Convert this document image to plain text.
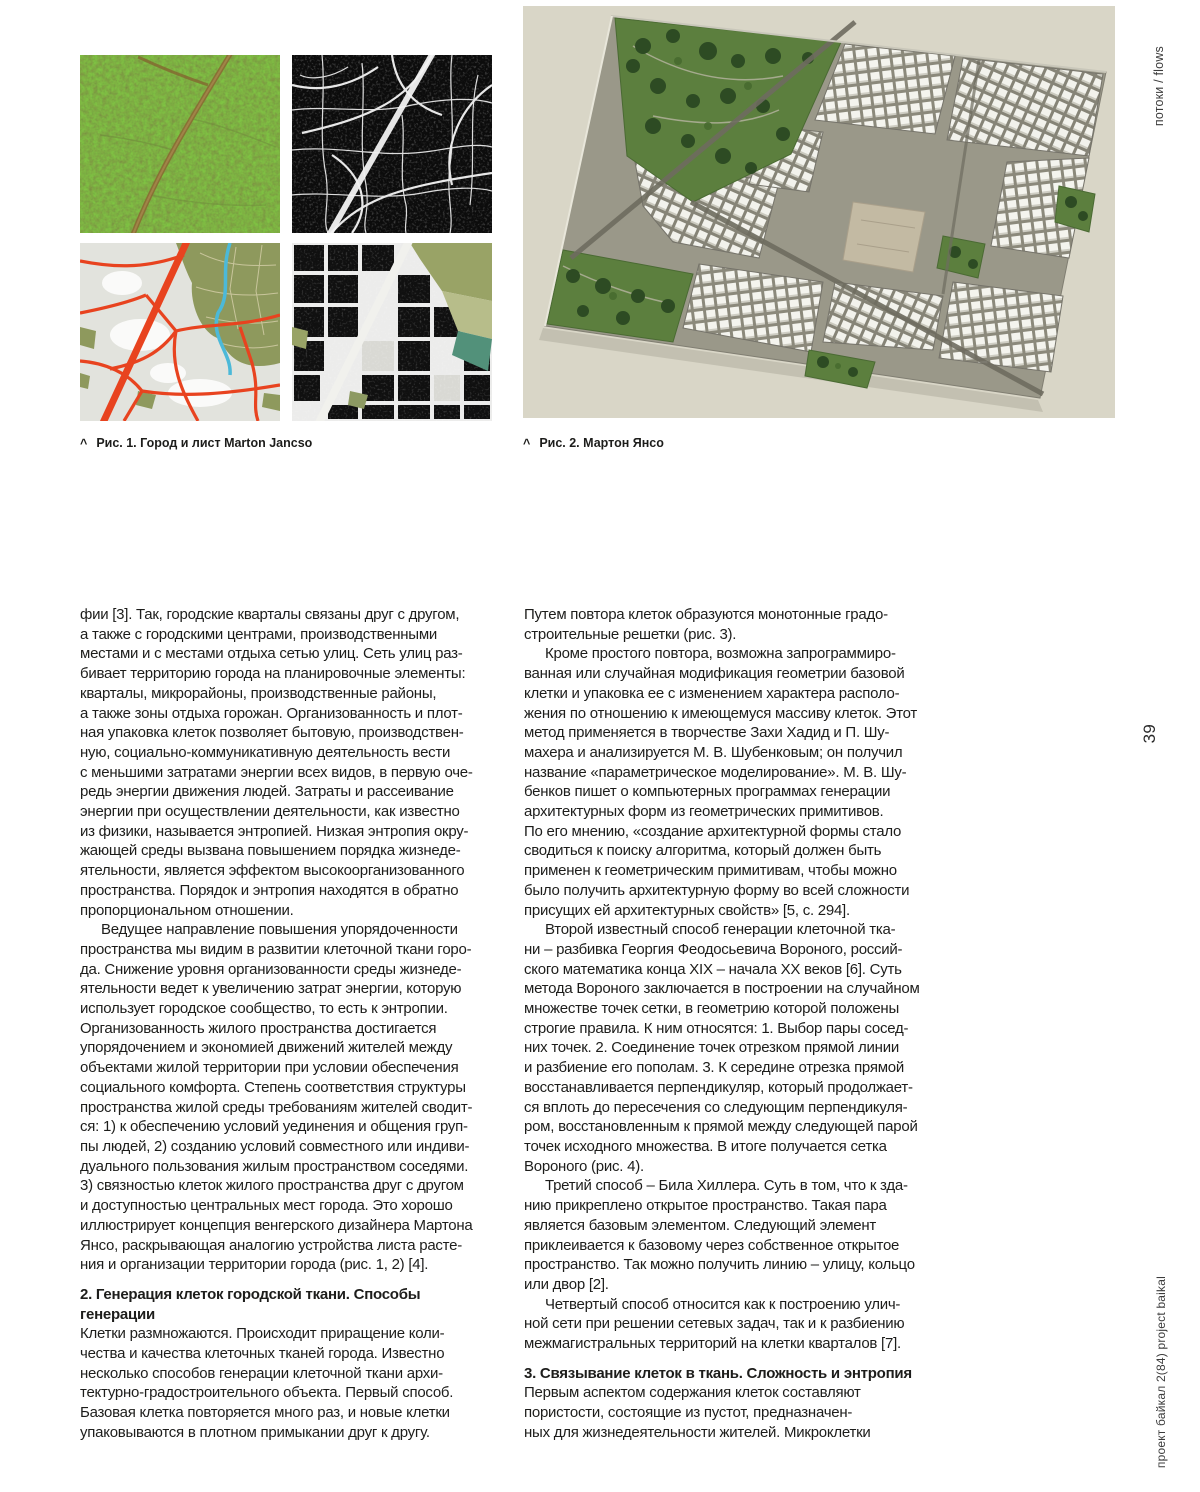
^ Рис. 1. Город и лист Marton Jancso	^ Рис. 2. Мартон Янсо
фии [3]. Так, городские кварталы связаны друг с другом,
а также с городскими центрами, производственными
местами и с местами отдыха сетью улиц. Сеть улиц раз-
бивает территорию города на планировочные элементы:
кварталы, микрорайоны, производственные районы,
а также зоны отдыха горожан. Организованность и плот-
ная упаковка клеток позволяет бытовую, производствен-
ную, социально-коммуникативную деятельность вести
с меньшими затратами энергии всех видов, в первую оче-
редь энергии движения людей. Затраты и рассеивание
энергии при осуществлении деятельности, как известно
из физики, называется энтропией. Низкая энтропия окру-
жающей среды вызвана повышением порядка жизнеде-
ятельности, является эффектом высокоорганизованного
пространства. Порядок и энтропия находятся в обратно
пропорциональном отношении.
Ведущее направление повышения упорядоченности
пространства мы видим в развитии клеточной ткани горо-
да. Снижение уровня организованности среды жизнеде-
ятельности ведет к увеличению затрат энергии, которую
использует городское сообщество, то есть к энтропии.
Организованность жилого пространства достигается
упорядочением и экономией движений жителей между
объектами жилой территории при условии обеспечения
социального комфорта. Степень соответствия структуры
пространства жилой среды требованиям жителей сводит-
ся: 1) к обеспечению условий уединения и общения груп-
пы людей, 2) созданию условий совместного или индиви-
дуального пользования жилым пространством соседями.
3) связностью клеток жилого пространства друг с другом
и доступностью центральных мест города. Это хорошо
иллюстрирует концепция венгерского дизайнера Мартона
Янсо, раскрывающая аналогию устройства листа расте-
ния и организации территории города (рис. 1, 2) [4].
2. Генерация клеток городской ткани. Способы
генерации
Клетки размножаются. Происходит приращение коли-
чества и качества клеточных тканей города. Известно
несколько способов генерации клеточной ткани архи-
тектурно-градостроительного объекта. Первый способ.
Базовая клетка повторяется много раз, и новые клетки
упаковываются в плотном примыкании друг к другу.
Путем повтора клеток образуются монотонные градо-
строительные решетки (рис. 3).
Кроме простого повтора, возможна запрограммиро-
ванная или случайная модификация геометрии базовой
клетки и упаковка ее с изменением характера располо-
жения по отношению к имеющемуся массиву клеток. Этот
метод применяется в творчестве Захи Хадид и П. Шу-
махера и анализируется М. В. Шубенковым; он получил
название «параметрическое моделирование». М. В. Шу-
бенков пишет о компьютерных программах генерации
архитектурных форм из геометрических примитивов.
По его мнению, «создание архитектурной формы стало
сводиться к поиску алгоритма, который должен быть
применен к геометрическим примитивам, чтобы можно
было получить архитектурную форму во всей сложности
присущих ей архитектурных свойств» [5, с. 294].
Второй известный способ генерации клеточной тка-
ни – разбивка Георгия Феодосьевича Вороного, россий-
ского математика конца XIX – начала XX веков [6]. Суть
метода Вороного заключается в построении на случайном
множестве точек сетки, в геометрию которой положены
строгие правила. К ним относятся: 1. Выбор пары сосед-
них точек. 2. Соединение точек отрезком прямой линии
и разбиение его пополам. 3. К середине отрезка прямой
восстанавливается перпендикуляр, который продолжает-
ся вплоть до пересечения со следующим перпендикуля-
ром, восстановленным к прямой между следующей парой
точек исходного множества. В итоге получается сетка
Вороного (рис. 4).
Третий способ – Била Хиллера. Суть в том, что к зда-
нию прикреплено открытое пространство. Такая пара
является базовым элементом. Следующий элемент
приклеивается к базовому через собственное открытое
пространство. Так можно получить линию – улицу, кольцо
или двор [2].
Четвертый способ относится как к построению улич-
ной сети при решении сетевых задач, так и к разбиению
межмагистральных территорий на клетки кварталов [7].
3. Связывание клеток в ткань. Сложность и энтропия
Первым аспектом содержания клеток составляют
пористости, состоящие из пустот, предназначен-
ных для жизнедеятельности жителей. Микроклетки
потоки / flows
39
проект байкал 2(84) project baikal
